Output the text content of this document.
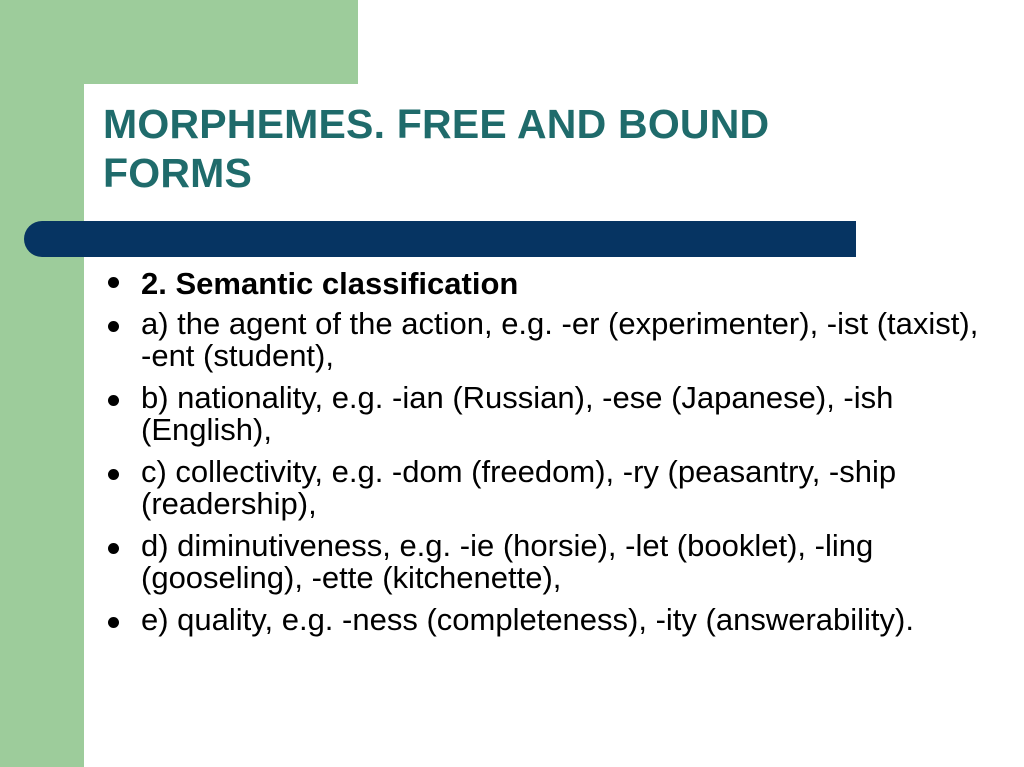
MORPHEMES. FREE AND BOUND FORMS
2. Semantic classification
a) the agent of the action, e.g. -er (experimenter), -ist (taxist), -ent (student),
b) nationality, e.g. -ian (Russian), -ese (Japanese), -ish (English),
c) collectivity, e.g. -dom (freedom), -ry (peasantry, -ship (readership),
d) diminutiveness, e.g. -ie (horsie), -let (booklet), -ling (gooseling), -ette (kitchenette),
e) quality, e.g. -ness (completeness), -ity (answerability).
